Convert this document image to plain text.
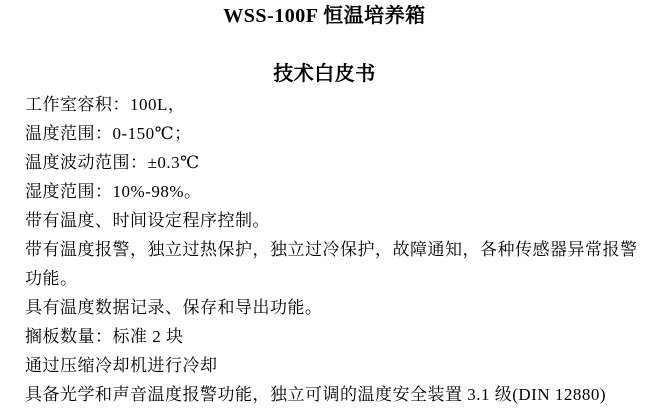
WSS-100F 恒温培养箱
技术白皮书

工作室容积：100L，

温度范围：0-150℃；

温度波动范围：±0.3℃

湿度范围：10%-98%。

带有温度、时间设定程序控制。

带有温度报警，独立过热保护，独立过冷保护，故障通知，各种传感器异常报警功能。

具有温度数据记录、保存和导出功能。

搁板数量：标准 2 块

通过压缩冷却机进行冷却

具备光学和声音温度报警功能，独立可调的温度安全装置 3.1 级(DIN 12880)
